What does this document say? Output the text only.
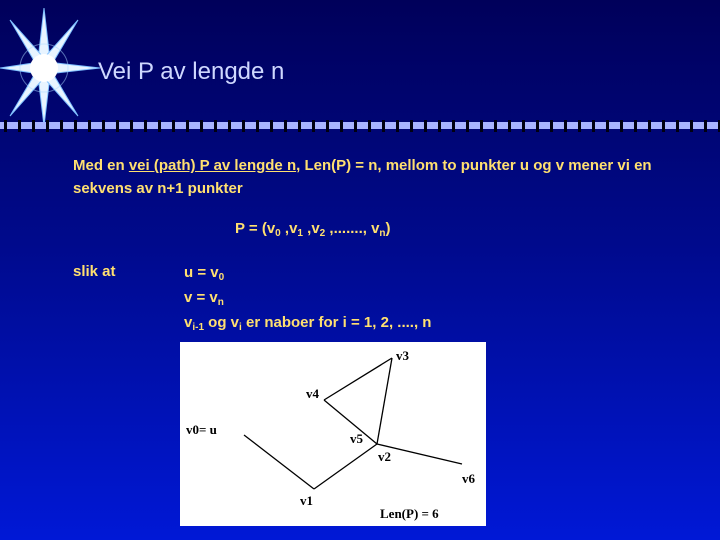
Vei P av lengde n
Med en vei (path) P av lengde n, Len(P) = n, mellom to punkter u og v mener vi en sekvens av n+1 punkter
$P = (v_0$ $,v_1$ $,v_2$ ,......., $v_n$)
slik at	$u = v_0$
$v = v_n$
$v_{i-1}$ og $v_i$ er naboer for i = 1, 2, ...., n
v0= u
v1
v2
v3
v4
v5
v6
Len(P) = 6
